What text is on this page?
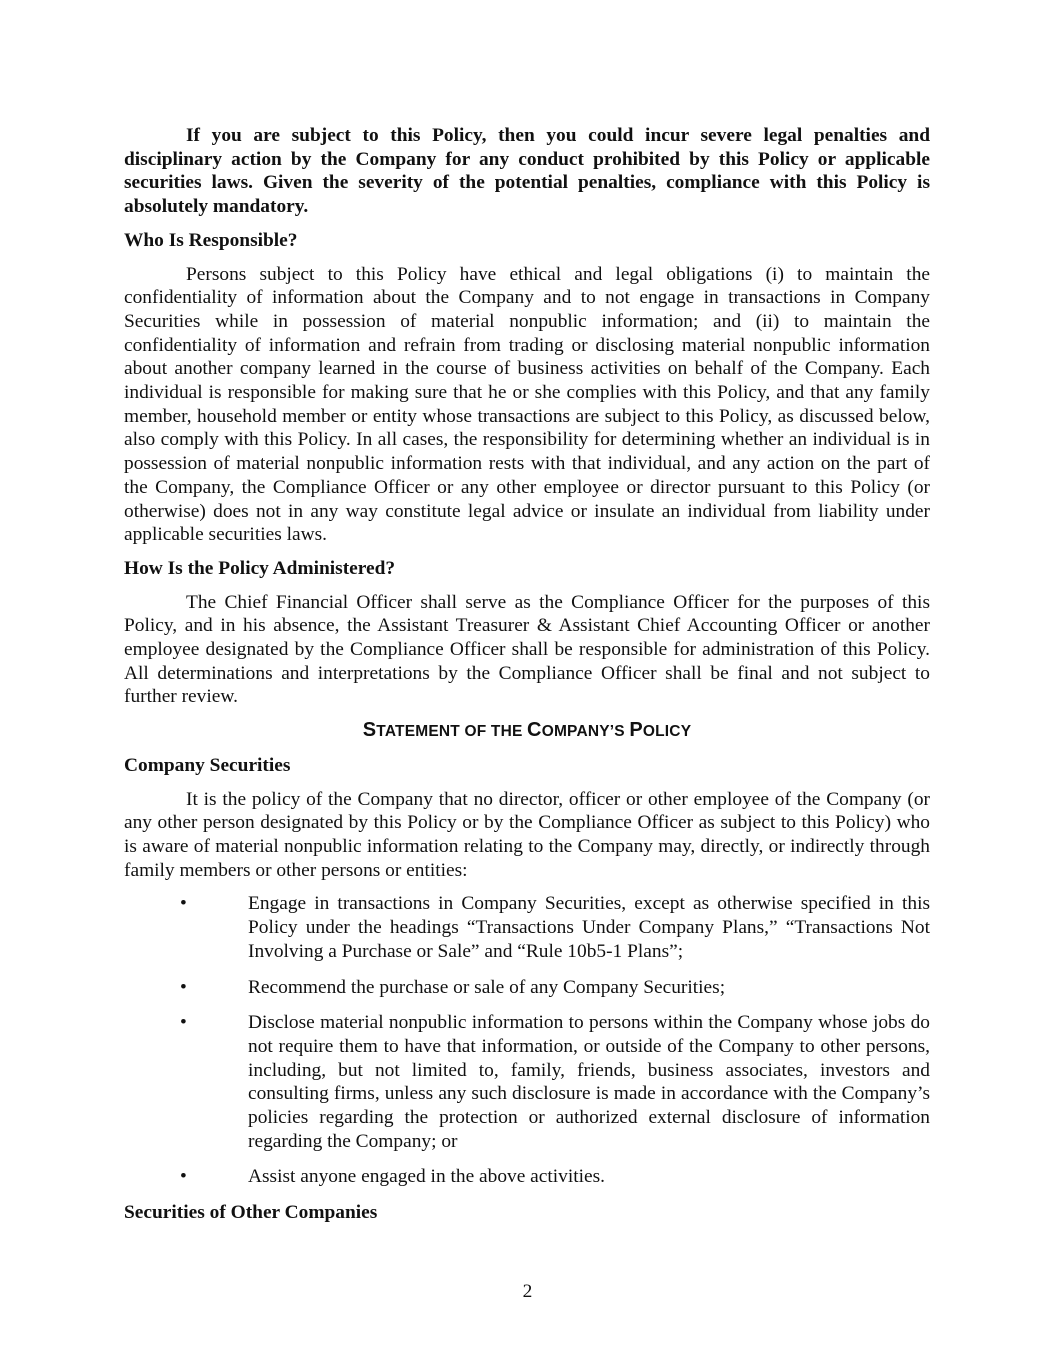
If you are subject to this Policy, then you could incur severe legal penalties and disciplinary action by the Company for any conduct prohibited by this Policy or applicable securities laws. Given the severity of the potential penalties, compliance with this Policy is absolutely mandatory.

Who Is Responsible?

Persons subject to this Policy have ethical and legal obligations (i) to maintain the confidentiality of information about the Company and to not engage in transactions in Company Securities while in possession of material nonpublic information; and (ii) to maintain the confidentiality of information and refrain from trading or disclosing material nonpublic information about another company learned in the course of business activities on behalf of the Company. Each individual is responsible for making sure that he or she complies with this Policy, and that any family member, household member or entity whose transactions are subject to this Policy, as discussed below, also comply with this Policy. In all cases, the responsibility for determining whether an individual is in possession of material nonpublic information rests with that individual, and any action on the part of the Company, the Compliance Officer or any other employee or director pursuant to this Policy (or otherwise) does not in any way constitute legal advice or insulate an individual from liability under applicable securities laws.

How Is the Policy Administered?

The Chief Financial Officer shall serve as the Compliance Officer for the purposes of this Policy, and in his absence, the Assistant Treasurer & Assistant Chief Accounting Officer or another employee designated by the Compliance Officer shall be responsible for administration of this Policy. All determinations and interpretations by the Compliance Officer shall be final and not subject to further review.

STATEMENT OF THE COMPANY’S POLICY

Company Securities

It is the policy of the Company that no director, officer or other employee of the Company (or any other person designated by this Policy or by the Compliance Officer as subject to this Policy) who is aware of material nonpublic information relating to the Company may, directly, or indirectly through family members or other persons or entities:

•	Engage in transactions in Company Securities, except as otherwise specified in this Policy under the headings “Transactions Under Company Plans,” “Transactions Not Involving a Purchase or Sale” and “Rule 10b5-1 Plans”;
•	Recommend the purchase or sale of any Company Securities;
•	Disclose material nonpublic information to persons within the Company whose jobs do not require them to have that information, or outside of the Company to other persons, including, but not limited to, family, friends, business associates, investors and consulting firms, unless any such disclosure is made in accordance with the Company’s policies regarding the protection or authorized external disclosure of information regarding the Company; or
•	Assist anyone engaged in the above activities.

Securities of Other Companies

2
